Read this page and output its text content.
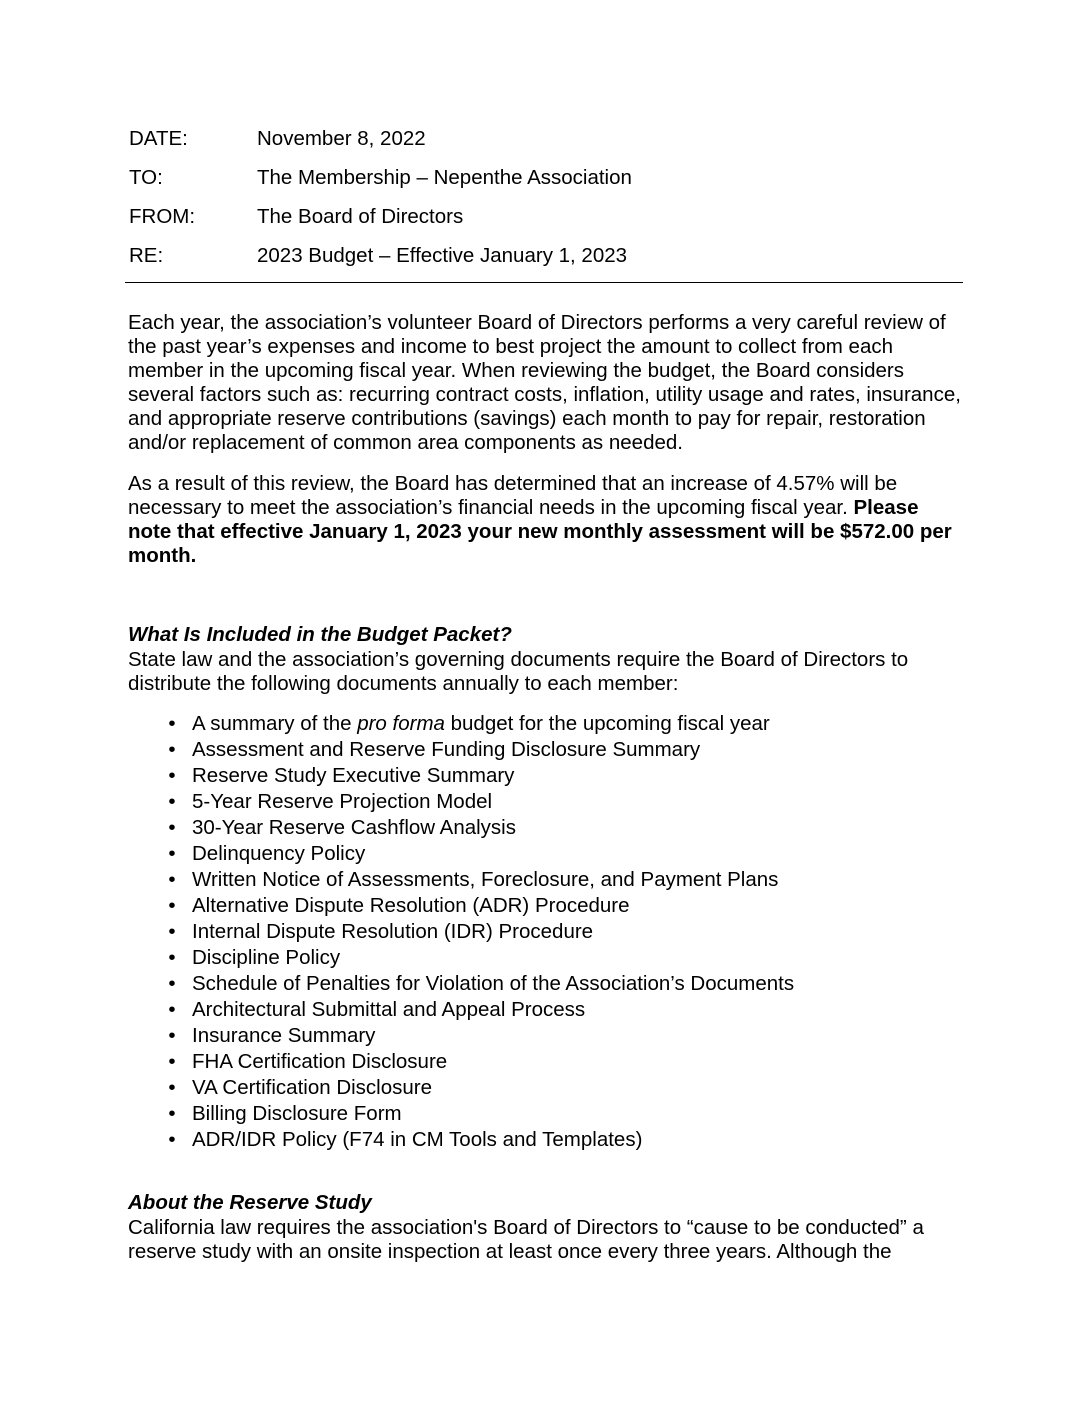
DATE:	November 8, 2022
TO:	The Membership – Nepenthe Association
FROM:	The Board of Directors
RE:	2023 Budget – Effective January 1, 2023

Each year, the association’s volunteer Board of Directors performs a very careful review of the past year’s expenses and income to best project the amount to collect from each member in the upcoming fiscal year. When reviewing the budget, the Board considers several factors such as: recurring contract costs, inflation, utility usage and rates, insurance, and appropriate reserve contributions (savings) each month to pay for repair, restoration and/or replacement of common area components as needed.

As a result of this review, the Board has determined that an increase of 4.57% will be necessary to meet the association’s financial needs in the upcoming fiscal year. Please note that effective January 1, 2023 your new monthly assessment will be $572.00 per month.

What Is Included in the Budget Packet?

State law and the association’s governing documents require the Board of Directors to distribute the following documents annually to each member:

• A summary of the pro forma budget for the upcoming fiscal year
• Assessment and Reserve Funding Disclosure Summary
• Reserve Study Executive Summary
• 5-Year Reserve Projection Model
• 30-Year Reserve Cashflow Analysis
• Delinquency Policy
• Written Notice of Assessments, Foreclosure, and Payment Plans
• Alternative Dispute Resolution (ADR) Procedure
• Internal Dispute Resolution (IDR) Procedure
• Discipline Policy
• Schedule of Penalties for Violation of the Association’s Documents
• Architectural Submittal and Appeal Process
• Insurance Summary
• FHA Certification Disclosure
• VA Certification Disclosure
• Billing Disclosure Form
• ADR/IDR Policy (F74 in CM Tools and Templates)
About the Reserve Study

California law requires the association's Board of Directors to “cause to be conducted” a reserve study with an onsite inspection at least once every three years. Although the
